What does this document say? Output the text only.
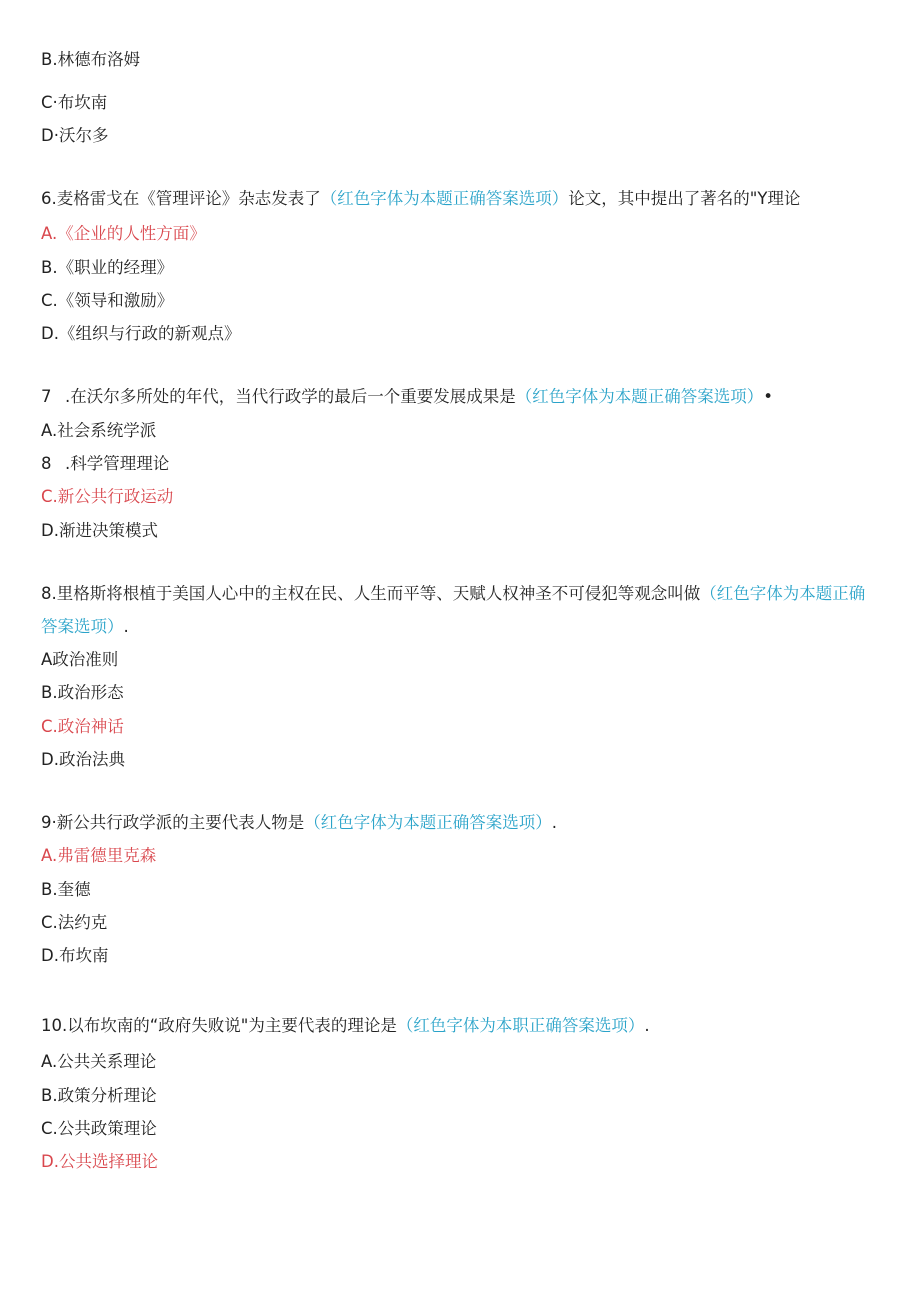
B.林德布洛姆
C·布坎南
D·沃尔多
6.麦格雷戈在《管理评论》杂志发表了（红色字体为本题正确答案选项）论文，其中提出了著名的"Y理论
A.《企业的人性方面》
B.《职业的经理》
C.《领导和激励》
D.《组织与行政的新观点》
7 .在沃尔多所处的年代，当代行政学的最后一个重要发展成果是（红色字体为本题正确答案选项）•
A.社会系统学派
8 .科学管理理论
C.新公共行政运动
D.渐进决策模式
8.里格斯将根植于美国人心中的主权在民、人生而平等、天赋人权神圣不可侵犯等观念叫做（红色字体为本题正确答案选项）.
A政治准则
B.政治形态
C.政治神话
D.政治法典
9·新公共行政学派的主要代表人物是（红色字体为本题正确答案选项）.
A.弗雷德里克森
B.奎德
C.法约克
D.布坎南
10.以布坎南的“政府失败说"为主要代表的理论是（红色字体为本职正确答案选项）.
A.公共关系理论
B.政策分析理论
C.公共政策理论
D.公共选择理论
